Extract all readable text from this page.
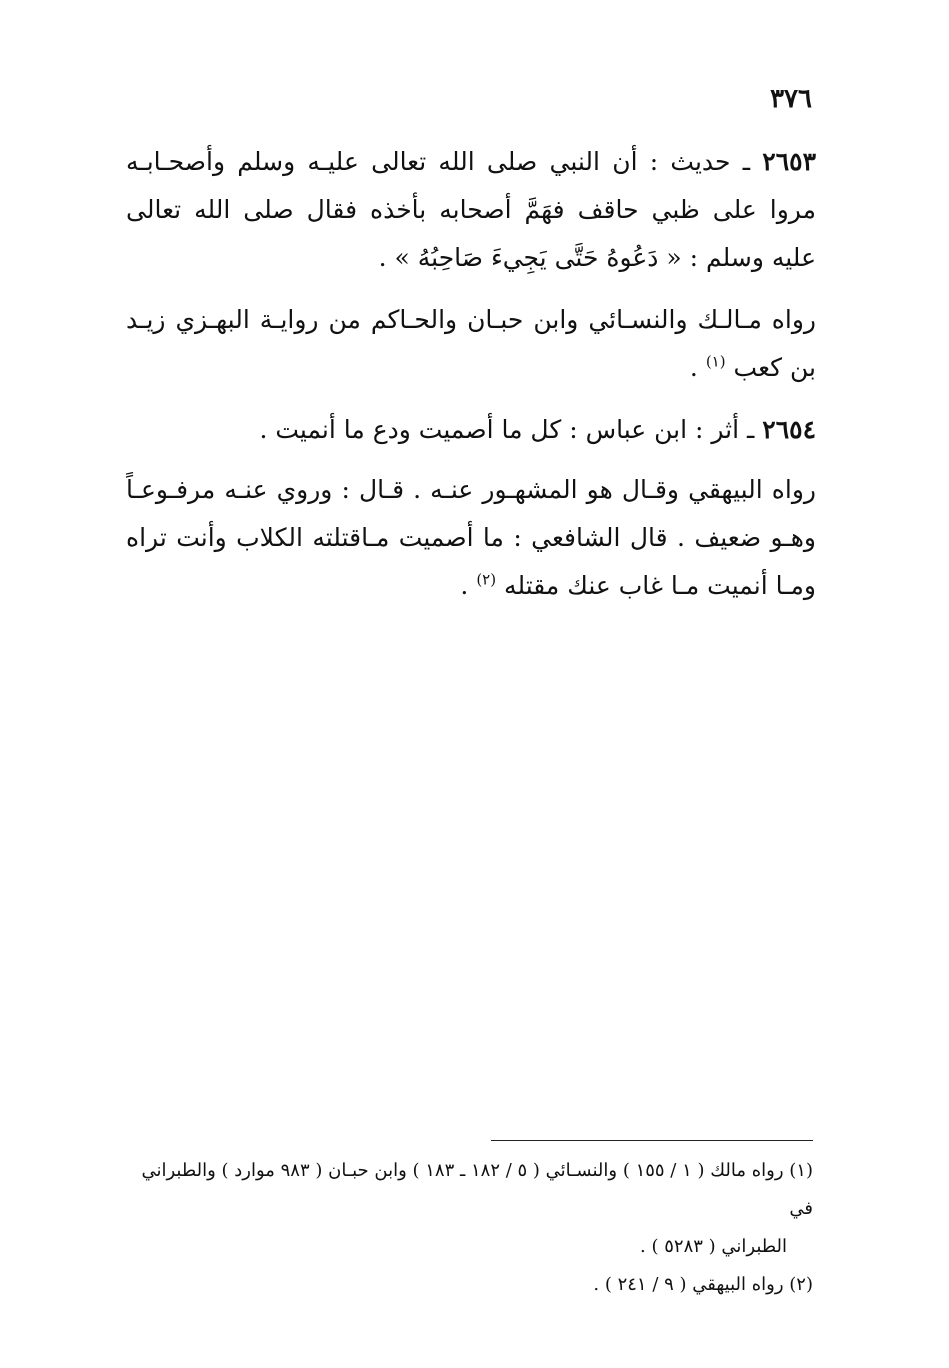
٣٧٦

٢٦٥٣ ـ حديث : أن النبي صلى الله تعالى عليـه وسلم وأصحـابـه مروا على ظبي حاقف فهَمَّ أصحابه بأخذه فقال صلى الله تعالى عليه وسلم : « دَعُوهُ حَتَّى يَجِيءَ صَاحِبُهُ » .

رواه مـالـك والنسـائي وابن حبـان والحـاكم من روايـة البهـزي زيـد بن كعب $^{(١)}$ .

٢٦٥٤ ـ أثر : ابن عباس : كل ما أصميت ودع ما أنميت .

رواه البيهقي وقـال هو المشهـور عنـه . قـال : وروي عنـه مرفـوعـاً وهـو ضعيف . قال الشافعي : ما أصميت مـاقتلته الكلاب وأنت تراه ومـا أنميت مـا غاب عنك مقتله $^{(٢)}$ .

(١) رواه مالك ( ١ / ١٥٥ ) والنسـائي ( ٥ / ١٨٢ ـ ١٨٣ ) وابن حبـان ( ٩٨٣ موارد ) والطبراني في
الطبراني ( ٥٢٨٣ ) .

(٢) رواه البيهقي ( ٩ / ٢٤١ ) .
